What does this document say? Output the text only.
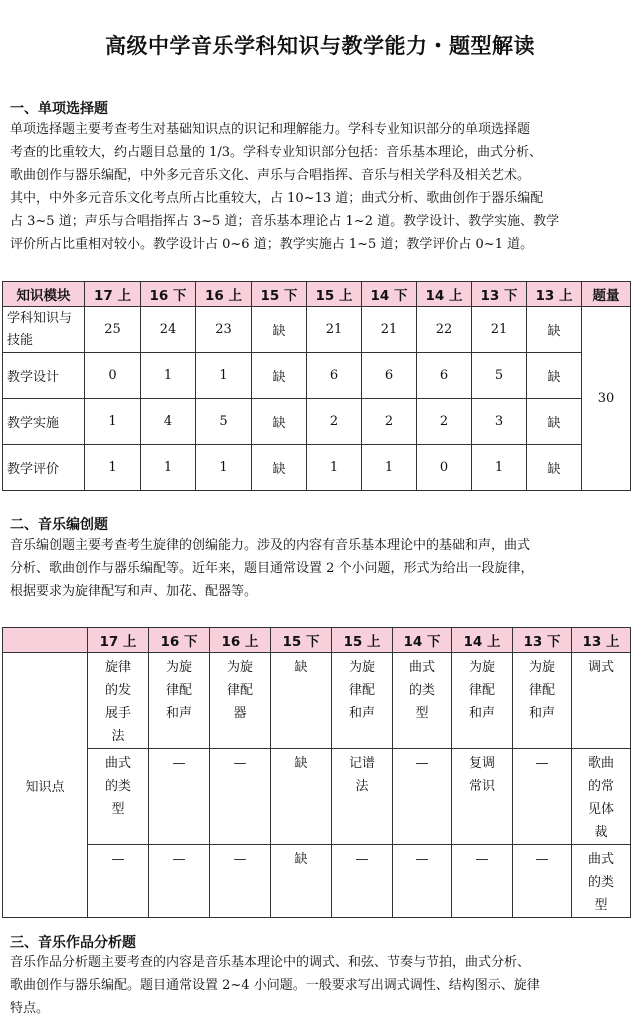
高级中学音乐学科知识与教学能力・题型解读
一、单项选择题
单项选择题主要考查考生对基础知识点的识记和理解能力。学科专业知识部分的单项选择题
考查的比重较大，约占题目总量的 1/3。学科专业知识部分包括：音乐基本理论，曲式分析、
歌曲创作与器乐编配，中外多元音乐文化、声乐与合唱指挥、音乐与相关学科及相关艺术。
其中，中外多元音乐文化考点所占比重较大，占 10~13 道；曲式分析、歌曲创作于器乐编配
占 3~5 道；声乐与合唱指挥占 3~5 道；音乐基本理论占 1~2 道。教学设计、教学实施、教学
评价所占比重相对较小。教学设计占 0~6 道；教学实施占 1~5 道；教学评价占 0~1 道。
知识模块	17 上	16 下	16 上	15 下	15 上	14 下	14 上	13 下	13 上	题量
学科知识与技能	25	24	23	缺	21	21	22	21	缺	30
教学设计	0	1	1	缺	6	6	6	5	缺	
教学实施	1	4	5	缺	2	2	2	3	缺	
教学评价	1	1	1	缺	1	1	0	1	缺	
二、音乐编创题
音乐编创题主要考查考生旋律的创编能力。涉及的内容有音乐基本理论中的基础和声，曲式
分析、歌曲创作与器乐编配等。近年来，题目通常设置 2 个小问题，形式为给出一段旋律，
根据要求为旋律配写和声、加花、配器等。
	17 上	16 下	16 上	15 下	15 上	14 下	14 上	13 下	13 上
知识点	旋律的发展手法	为旋律配和声	为旋律配器	缺	为旋律配和声	曲式的类型	为旋律配和声	为旋律配和声	调式
	曲式的类型	—	—	缺	记谱法	—	复调常识	—	歌曲的常见体裁
	—	—	—	缺	—	—	—	—	曲式的类型
三、音乐作品分析题
音乐作品分析题主要考查的内容是音乐基本理论中的调式、和弦、节奏与节拍，曲式分析、
歌曲创作与器乐编配。题目通常设置 2~4 小问题。一般要求写出调式调性、结构图示、旋律
特点。
